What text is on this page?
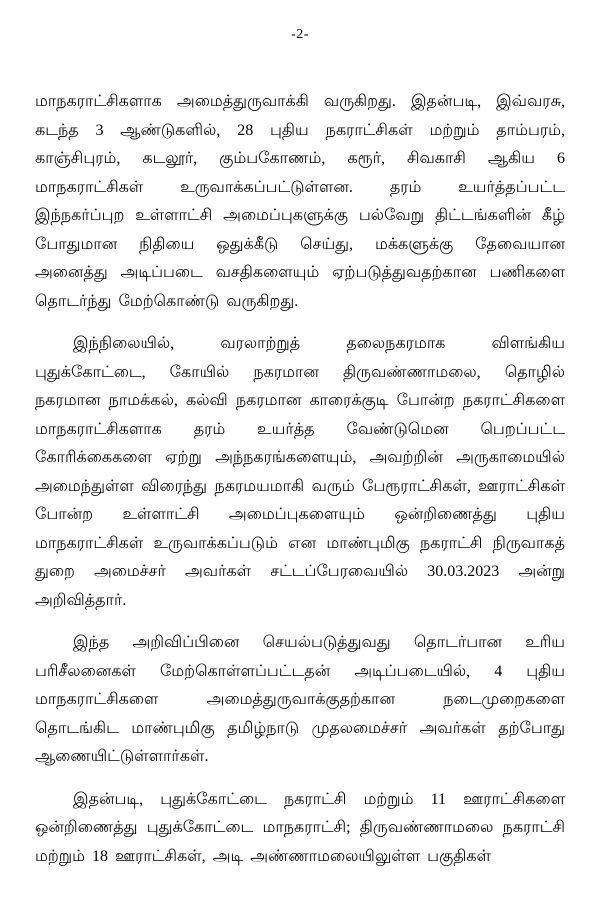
-2-

மாநகராட்சிகளாக அமைத்துருவாக்கி வருகிறது. இதன்படி, இவ்வரசு, கடந்த 3 ஆண்டுகளில், 28 புதிய நகராட்சிகள் மற்றும் தாம்பரம், காஞ்சிபுரம், கடலூர், கும்பகோணம், கரூர், சிவகாசி ஆகிய 6 மாநகராட்சிகள் உருவாக்கப்பட்டுள்ளன. தரம் உயர்த்தப்பட்ட இந்நகர்ப்புற உள்ளாட்சி அமைப்புகளுக்கு பல்வேறு திட்டங்களின் கீழ் போதுமான நிதியை ஒதுக்கீடு செய்து, மக்களுக்கு தேவையான அனைத்து அடிப்படை வசதிகளையும் ஏற்படுத்துவதற்கான பணிகளை தொடர்ந்து மேற்கொண்டு வருகிறது.

இந்நிலையில், வரலாற்றுத் தலைநகரமாக விளங்கிய புதுக்கோட்டை, கோயில் நகரமான திருவண்ணாமலை, தொழில் நகரமான நாமக்கல், கல்வி நகரமான காரைக்குடி போன்ற நகராட்சிகளை மாநகராட்சிகளாக தரம் உயர்த்த வேண்டுமென பெறப்பட்ட கோரிக்கைகளை ஏற்று அந்நகரங்களையும், அவற்றின் அருகாமையில் அமைந்துள்ள விரைந்து நகரமயமாகி வரும் பேரூராட்சிகள், ஊராட்சிகள் போன்ற உள்ளாட்சி அமைப்புகளையும் ஒன்றிணைத்து புதிய மாநகராட்சிகள் உருவாக்கப்படும் என மாண்புமிகு நகராட்சி நிருவாகத் துறை அமைச்சர் அவர்கள் சட்டப்பேரவையில் 30.03.2023 அன்று அறிவித்தார்.

இந்த அறிவிப்பினை செயல்படுத்துவது தொடர்பான உரிய பரிசீலனைகள் மேற்கொள்ளப்பட்டதன் அடிப்படையில், 4 புதிய மாநகராட்சிகளை அமைத்துருவாக்குதற்கான நடைமுறைகளை தொடங்கிட மாண்புமிகு தமிழ்நாடு முதலமைச்சர் அவர்கள் தற்போது ஆணையிட்டுள்ளார்கள்.

இதன்படி, புதுக்கோட்டை நகராட்சி மற்றும் 11 ஊராட்சிகளை ஒன்றிணைத்து புதுக்கோட்டை மாநகராட்சி; திருவண்ணாமலை நகராட்சி மற்றும் 18 ஊராட்சிகள், அடி அண்ணாமலையிலுள்ள பகுதிகள்
